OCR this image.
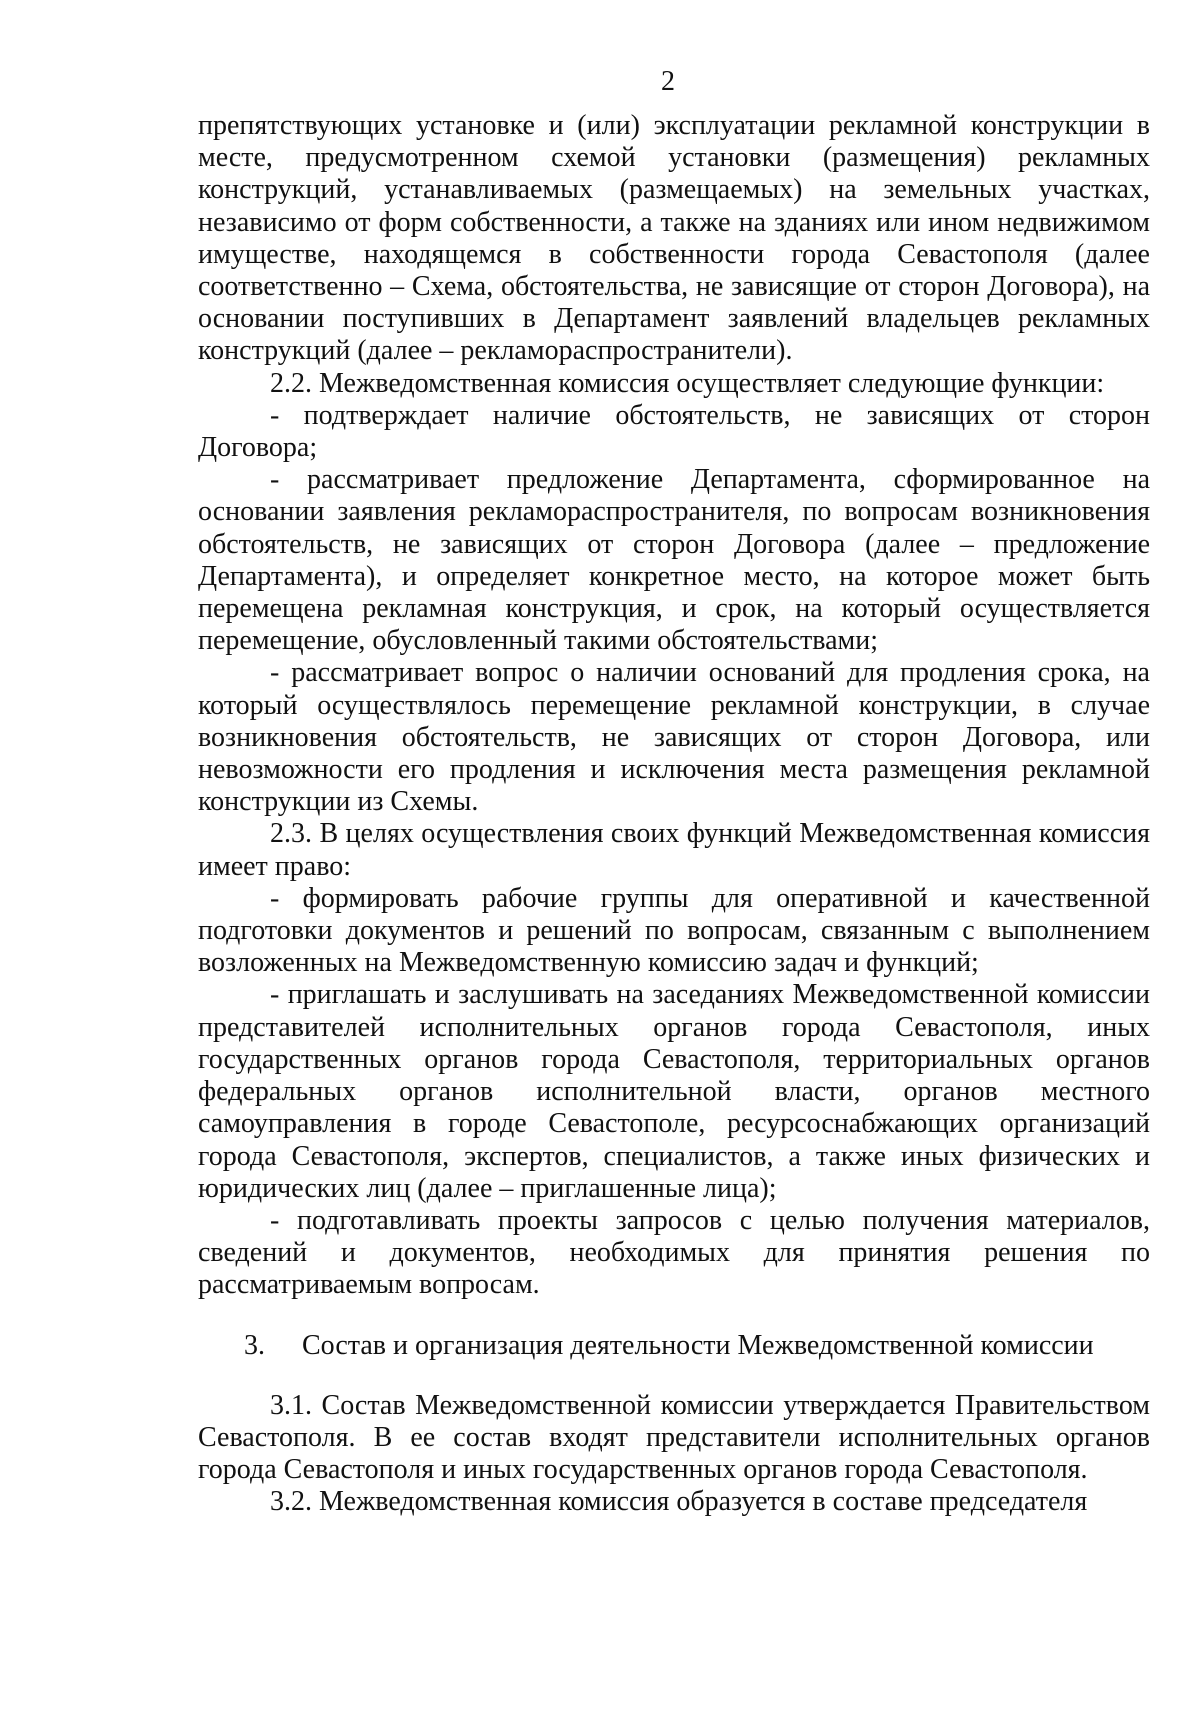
2

препятствующих установке и (или) эксплуатации рекламной конструкции в месте, предусмотренном схемой установки (размещения) рекламных конструкций, устанавливаемых (размещаемых) на земельных участках, независимо от форм собственности, а также на зданиях или ином недвижимом имуществе, находящемся в собственности города Севастополя (далее соответственно – Схема, обстоятельства, не зависящие от сторон Договора), на основании поступивших в Департамент заявлений владельцев рекламных конструкций (далее – рекламораспространители).

2.2. Межведомственная комиссия осуществляет следующие функции:

- подтверждает наличие обстоятельств, не зависящих от сторон Договора;

- рассматривает предложение Департамента, сформированное на основании заявления рекламораспространителя, по вопросам возникновения обстоятельств, не зависящих от сторон Договора (далее – предложение Департамента), и определяет конкретное место, на которое может быть перемещена рекламная конструкция, и срок, на который осуществляется перемещение, обусловленный такими обстоятельствами;

- рассматривает вопрос о наличии оснований для продления срока, на который осуществлялось перемещение рекламной конструкции, в случае возникновения обстоятельств, не зависящих от сторон Договора, или невозможности его продления и исключения места размещения рекламной конструкции из Схемы.

2.3. В целях осуществления своих функций Межведомственная комиссия имеет право:

- формировать рабочие группы для оперативной и качественной подготовки документов и решений по вопросам, связанным с выполнением возложенных на Межведомственную комиссию задач и функций;

- приглашать и заслушивать на заседаниях Межведомственной комиссии представителей исполнительных органов города Севастополя, иных государственных органов города Севастополя, территориальных органов федеральных органов исполнительной власти, органов местного самоуправления в городе Севастополе, ресурсоснабжающих организаций города Севастополя, экспертов, специалистов, а также иных физических и юридических лиц (далее – приглашенные лица);

- подготавливать проекты запросов с целью получения материалов, сведений и документов, необходимых для принятия решения по рассматриваемым вопросам.

3. Состав и организация деятельности Межведомственной комиссии

3.1. Состав Межведомственной комиссии утверждается Правительством Севастополя. В ее состав входят представители исполнительных органов города Севастополя и иных государственных органов города Севастополя.

3.2. Межведомственная комиссия образуется в составе председателя
